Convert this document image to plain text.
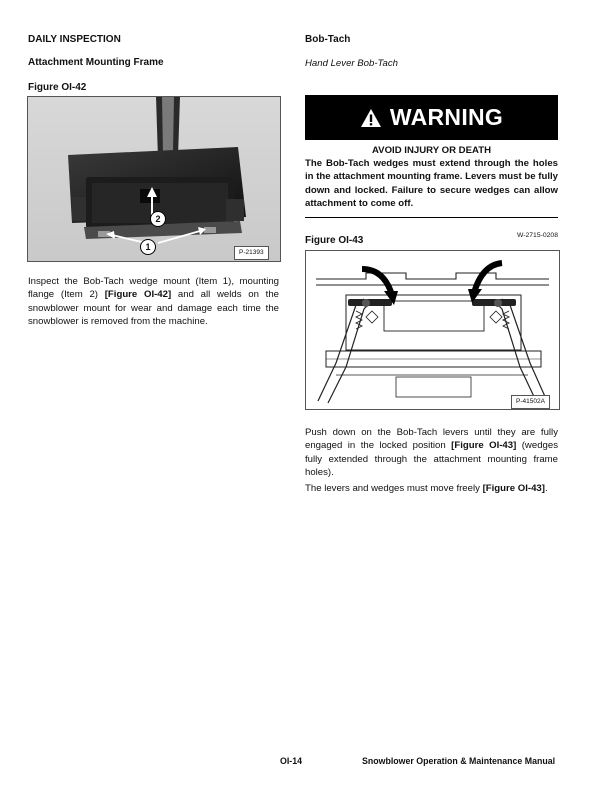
DAILY INSPECTION
Attachment Mounting Frame
Figure OI-42
2
1
P-21393
Inspect the Bob-Tach wedge mount (Item 1), mounting flange (Item 2) [Figure OI-42] and all welds on the snowblower mount for wear and damage each time the snowblower is removed from the machine.
Bob-Tach
Hand Lever Bob-Tach
WARNING
AVOID INJURY OR DEATH
The Bob-Tach wedges must extend through the holes in the attachment mounting frame. Levers must be fully down and locked. Failure to secure wedges can allow attachment to come off.
W-2715-0208
Figure OI-43
P-41502A
Push down on the Bob-Tach levers until they are fully engaged in the locked position [Figure OI-43] (wedges fully extended through the attachment mounting frame holes).
The levers and wedges must move freely [Figure OI-43].
OI-14	Snowblower Operation & Maintenance Manual
